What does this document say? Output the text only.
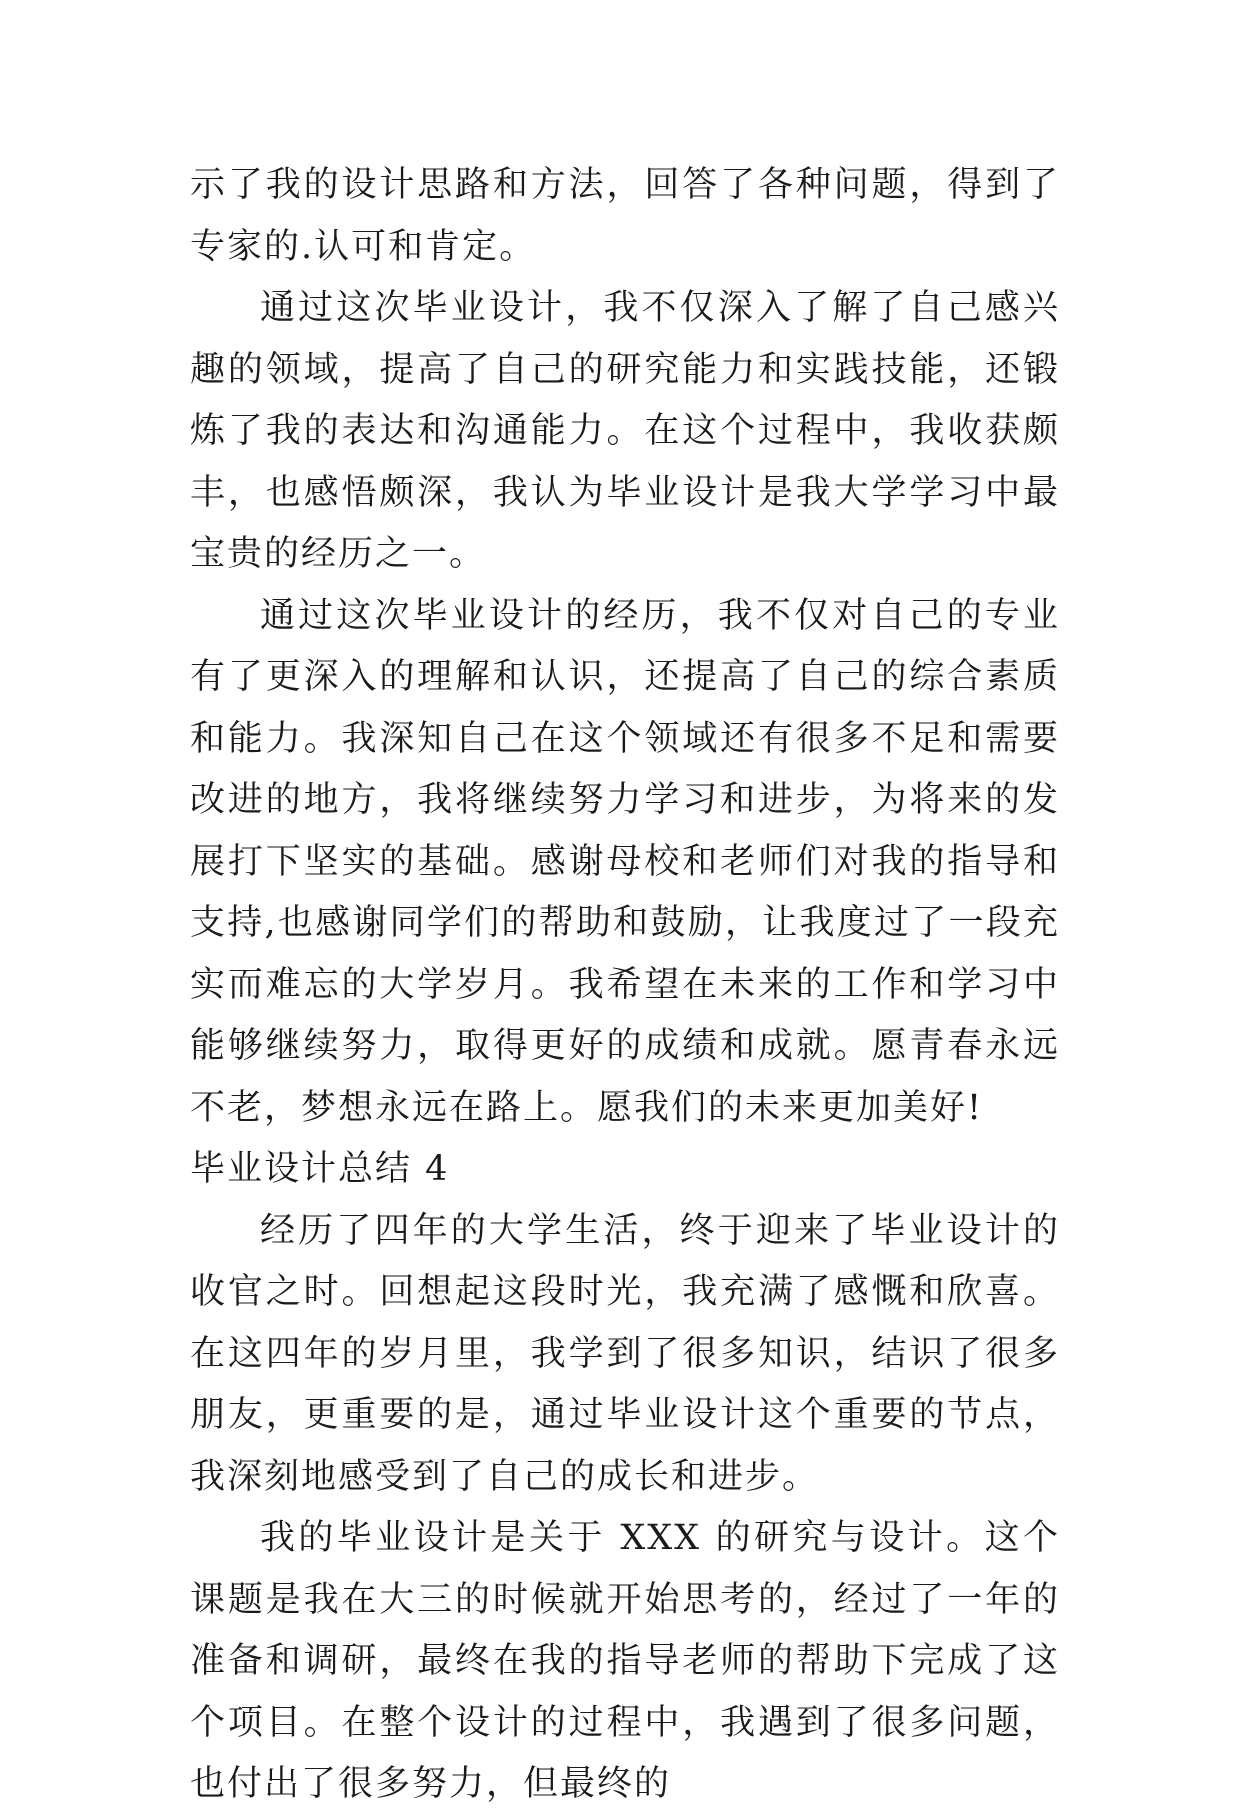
示了我的设计思路和方法，回答了各种问题，得到了专家的.认可和肯定。

通过这次毕业设计，我不仅深入了解了自己感兴趣的领域，提高了自己的研究能力和实践技能，还锻炼了我的表达和沟通能力。在这个过程中，我收获颇丰，也感悟颇深，我认为毕业设计是我大学学习中最宝贵的经历之一。

通过这次毕业设计的经历，我不仅对自己的专业有了更深入的理解和认识，还提高了自己的综合素质和能力。我深知自己在这个领域还有很多不足和需要改进的地方，我将继续努力学习和进步，为将来的发展打下坚实的基础。感谢母校和老师们对我的指导和支持,也感谢同学们的帮助和鼓励，让我度过了一段充实而难忘的大学岁月。我希望在未来的工作和学习中能够继续努力，取得更好的成绩和成就。愿青春永远不老，梦想永远在路上。愿我们的未来更加美好!

毕业设计总结 4

经历了四年的大学生活，终于迎来了毕业设计的收官之时。回想起这段时光，我充满了感慨和欣喜。在这四年的岁月里，我学到了很多知识，结识了很多朋友，更重要的是，通过毕业设计这个重要的节点，我深刻地感受到了自己的成长和进步。

我的毕业设计是关于 XXX 的研究与设计。这个课题是我在大三的时候就开始思考的，经过了一年的准备和调研，最终在我的指导老师的帮助下完成了这个项目。在整个设计的过程中，我遇到了很多问题，也付出了很多努力，但最终的
